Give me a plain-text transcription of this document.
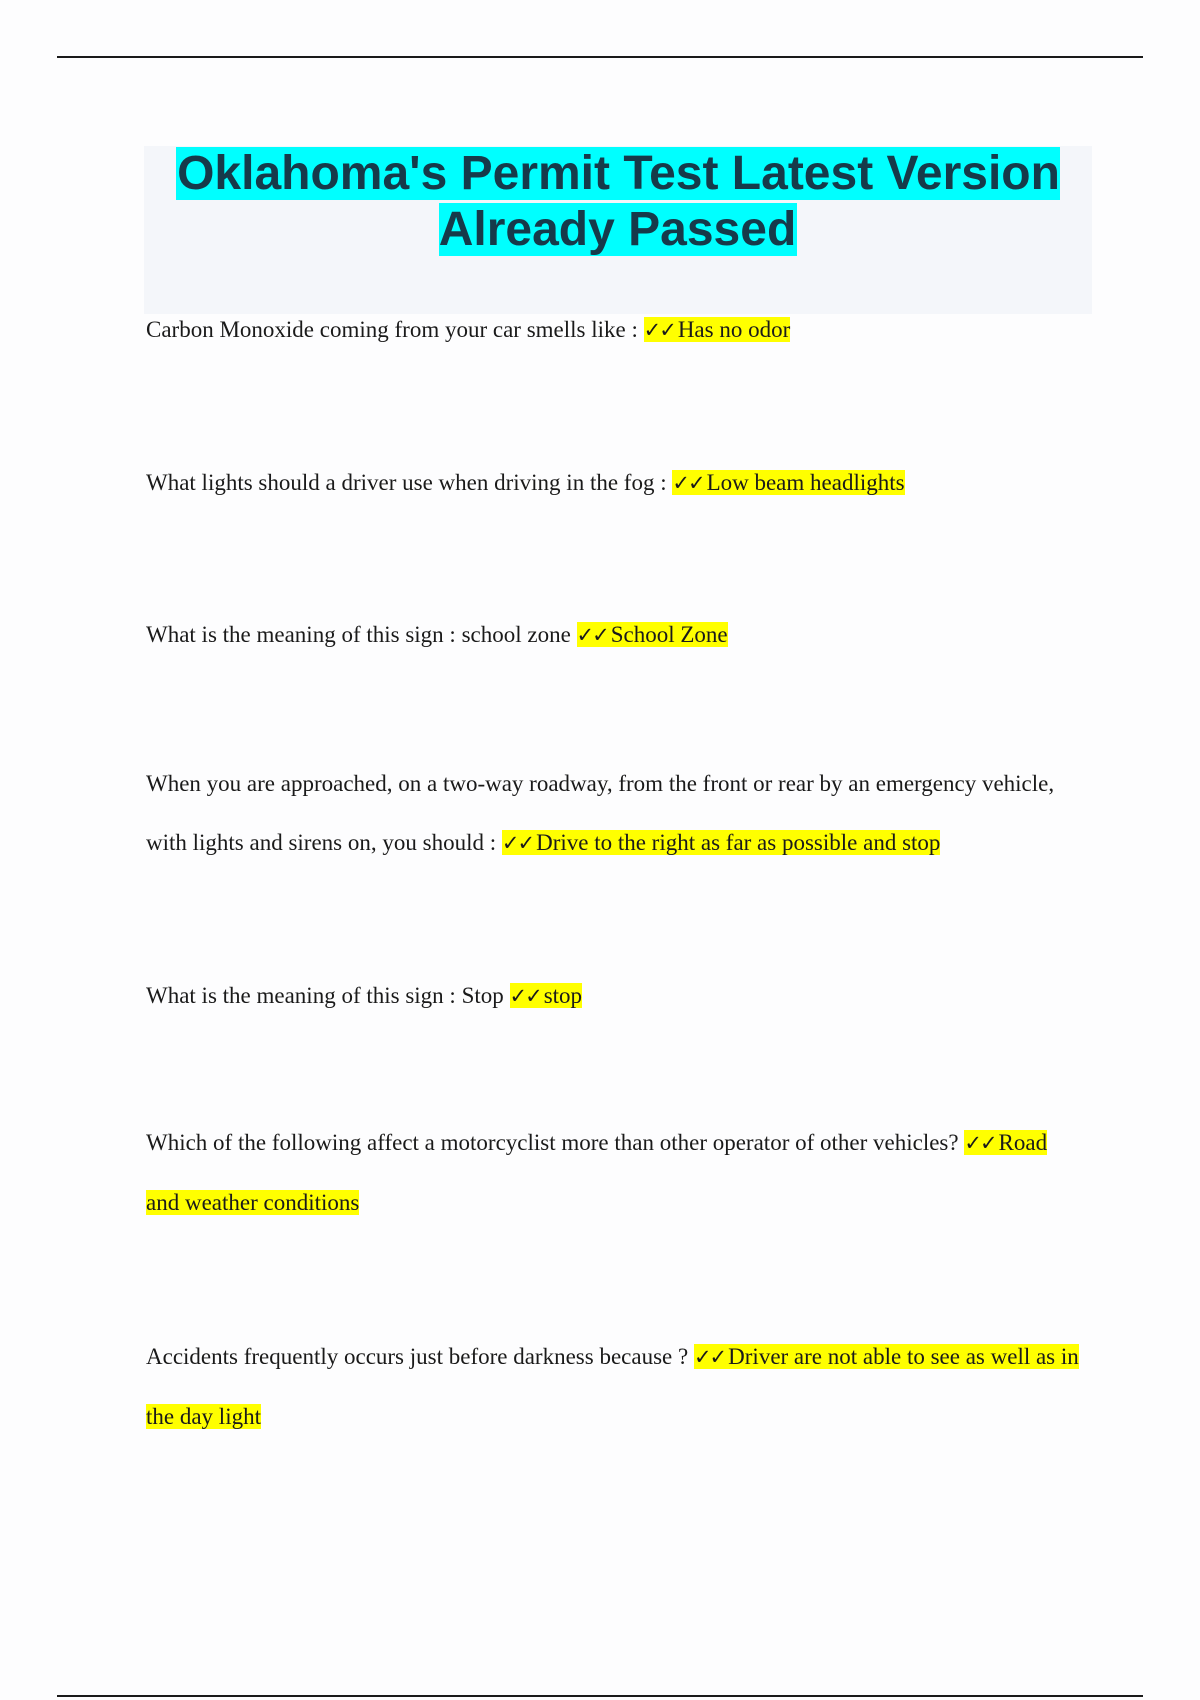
Oklahoma's Permit Test Latest Version Already Passed

Carbon Monoxide coming from your car smells like : ✓✓ Has no odor

What lights should a driver use when driving in the fog : ✓✓ Low beam headlights

What is the meaning of this sign : school zone ✓✓ School Zone

When you are approached, on a two-way roadway, from the front or rear by an emergency vehicle, with lights and sirens on, you should : ✓✓ Drive to the right as far as possible and stop

What is the meaning of this sign : Stop ✓✓ stop

Which of the following affect a motorcyclist more than other operator of other vehicles? ✓✓ Road and weather conditions

Accidents frequently occurs just before darkness because ? ✓✓ Driver are not able to see as well as in the day light
